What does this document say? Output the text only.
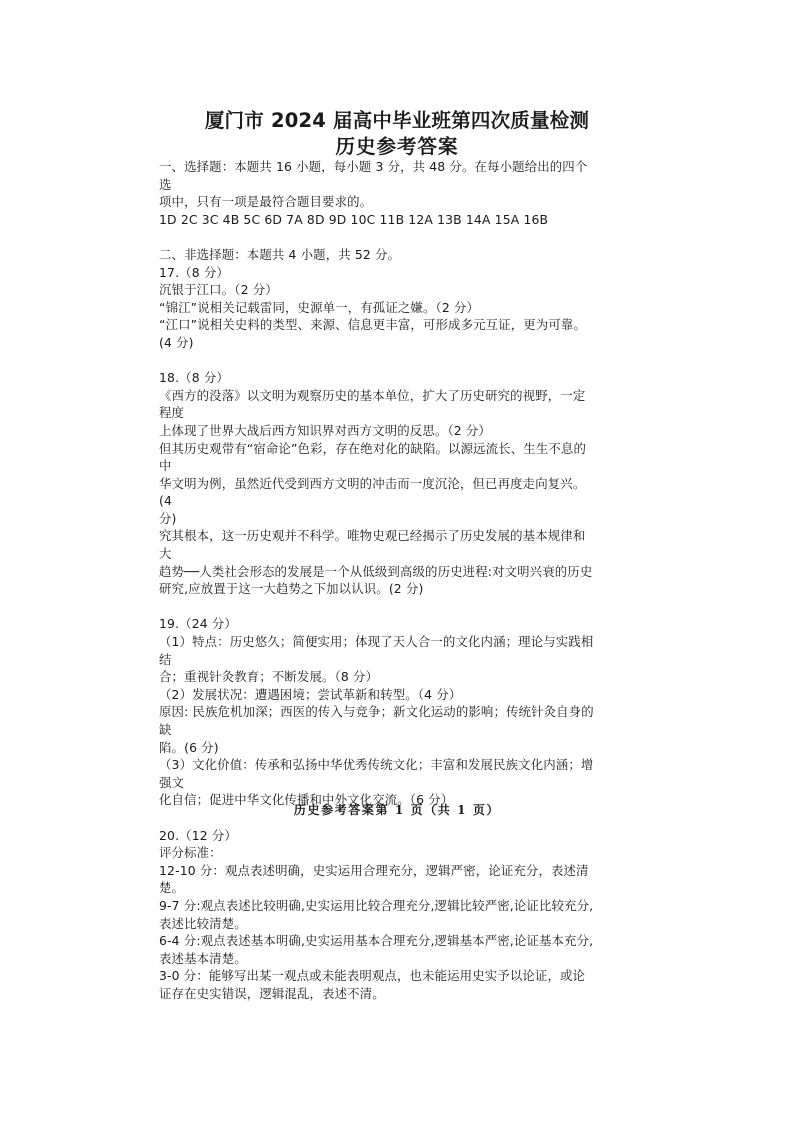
厦门市 2024 届高中毕业班第四次质量检测
历史参考答案

一、选择题：本题共 16 小题，每小题 3 分，共 48 分。在每小题给出的四个选

项中，只有一项是最符合题目要求的。

1D 2C 3C 4B 5C 6D 7A 8D 9D 10C 11B 12A 13B 14A 15A 16B

二、非选择题：本题共 4 小题，共 52 分。

17.（8 分）

沉银于江口。（2 分）

“锦江”说相关记载雷同，史源单一，有孤证之嫌。（2 分）

“江口”说相关史料的类型、来源、信息更丰富，可形成多元互证，更为可靠。

(4 分)

18.（8 分）

《西方的没落》以文明为观察历史的基本单位，扩大了历史研究的视野，一定程度

上体现了世界大战后西方知识界对西方文明的反思。（2 分）

但其历史观带有“宿命论”色彩，存在绝对化的缺陷。以源远流长、生生不息的中

华文明为例，虽然近代受到西方文明的冲击而一度沉沦，但已再度走向复兴。(4

分)

究其根本，这一历史观并不科学。唯物史观已经揭示了历史发展的基本规律和大

趋势──人类社会形态的发展是一个从低级到高级的历史进程:对文明兴衰的历史

研究,应放置于这一大趋势之下加以认识。(2 分)

19.（24 分）

（1）特点：历史悠久；简便实用；体现了天人合一的文化内涵；理论与实践相结

合；重视针灸教育；不断发展。（8 分）

（2）发展状况：遭遇困境；尝试革新和转型。（4 分）

原因: 民族危机加深；西医的传入与竞争；新文化运动的影响；传统针灸自身的缺

陷。(6 分)

（3）文化价值：传承和弘扬中华优秀传统文化；丰富和发展民族文化内涵；增强文

化自信；促进中华文化传播和中外文化交流。（6 分）

20.（12 分）

评分标准：

12-10 分：观点表述明确，史实运用合理充分，逻辑严密，论证充分，表述清

楚。

9-7 分:观点表述比较明确,史实运用比较合理充分,逻辑比较严密,论证比较充分,

表述比较清楚。

6-4 分:观点表述基本明确,史实运用基本合理充分,逻辑基本严密,论证基本充分,

表述基本清楚。

3-0 分：能够写出某一观点或未能表明观点，也未能运用史实予以论证，或论

证存在史实错误，逻辑混乱，表述不清。

历史参考答案第 1 页（共 1 页）
